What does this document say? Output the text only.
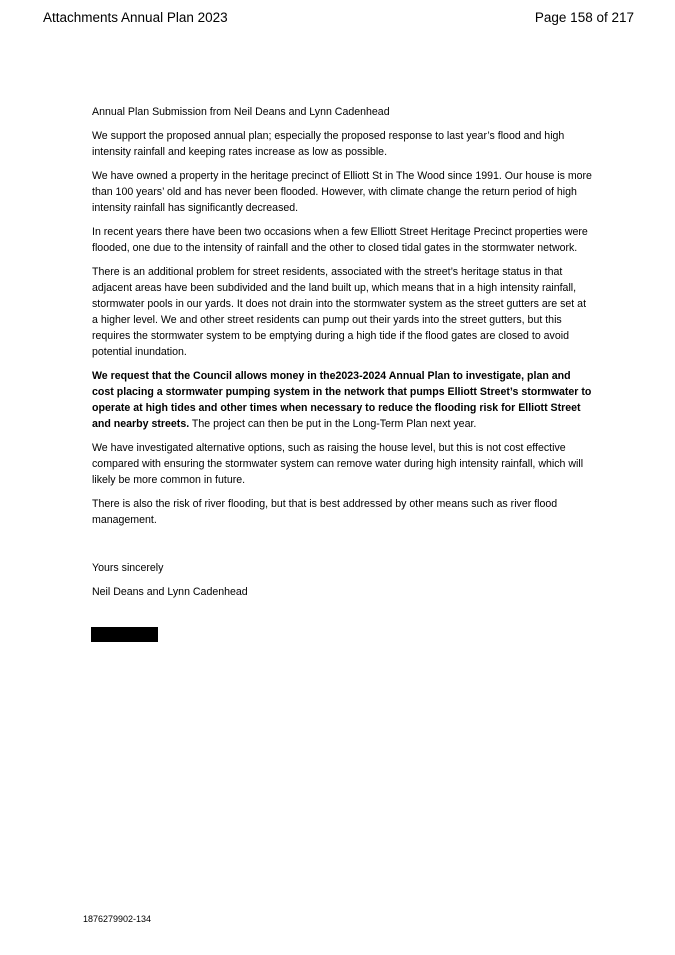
Attachments Annual Plan 2023	Page 158 of 217

Annual Plan Submission from Neil Deans and Lynn Cadenhead

We support the proposed annual plan; especially the proposed response to last year’s flood and high intensity rainfall and keeping rates increase as low as possible.

We have owned a property in the heritage precinct of Elliott St in The Wood since 1991. Our house is more than 100 years’ old and has never been flooded. However, with climate change the return period of high intensity rainfall has significantly decreased.

In recent years there have been two occasions when a few Elliott Street Heritage Precinct properties were flooded, one due to the intensity of rainfall and the other to closed tidal gates in the stormwater network.

There is an additional problem for street residents, associated with the street’s heritage status in that adjacent areas have been subdivided and the land built up, which means that in a high intensity rainfall, stormwater pools in our yards. It does not drain into the stormwater system as the street gutters are set at a higher level. We and other street residents can pump out their yards into the street gutters, but this requires the stormwater system to be emptying during a high tide if the flood gates are closed to avoid potential inundation.

We request that the Council allows money in the2023-2024 Annual Plan to investigate, plan and cost placing a stormwater pumping system in the network that pumps Elliott Street’s stormwater to operate at high tides and other times when necessary to reduce the flooding risk for Elliott Street and nearby streets. The project can then be put in the Long-Term Plan next year.

We have investigated alternative options, such as raising the house level, but this is not cost effective compared with ensuring the stormwater system can remove water during high intensity rainfall, which will likely be more common in future.

There is also the risk of river flooding, but that is best addressed by other means such as river flood management.

Yours sincerely

Neil Deans and Lynn Cadenhead

1876279902-134
